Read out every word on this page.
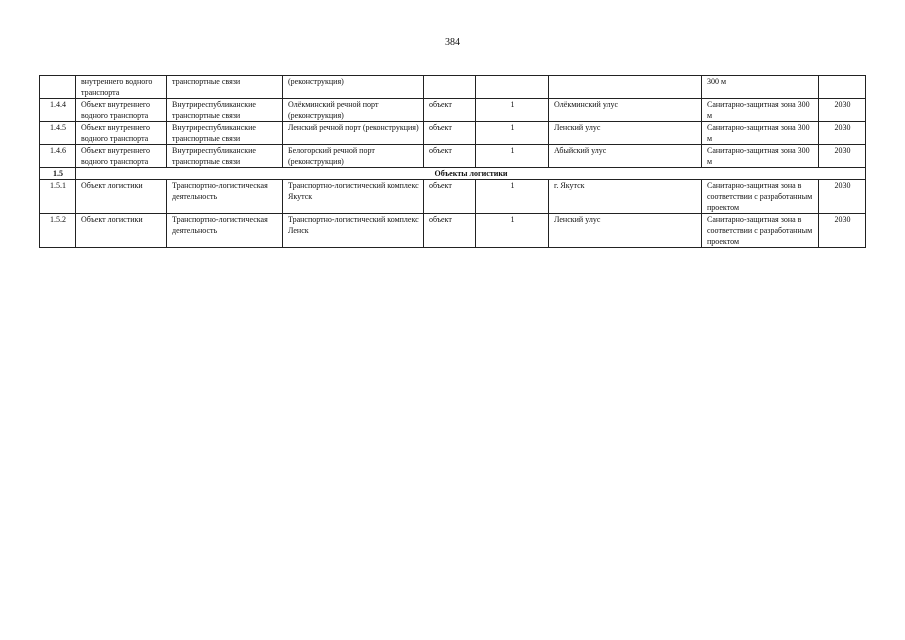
384
	внутреннего водного транспорта	транспортные связи	(реконструкция)				300 м	
1.4.4	Объект внутреннего водного транспорта	Внутриреспубликанские транспортные связи	Олёкминский речной порт (реконструкция)	объект	1	Олёкминский улус	Санитарно-защитная зона 300 м	2030
1.4.5	Объект внутреннего водного транспорта	Внутриреспубликанские транспортные связи	Ленский речной порт (реконструкция)	объект	1	Ленский улус	Санитарно-защитная зона 300 м	2030
1.4.6	Объект внутреннего водного транспорта	Внутриреспубликанские транспортные связи	Белогорский речной порт (реконструкция)	объект	1	Абыйский улус	Санитарно-защитная зона 300 м	2030
1.5	Объекты логистики							
1.5.1	Объект логистики	Транспортно-логистическая деятельность	Транспортно-логистический комплекс Якутск	объект	1	г. Якутск	Санитарно-защитная зона в соответствии с разработанным проектом	2030
1.5.2	Объект логистики	Транспортно-логистическая деятельность	Транспортно-логистический комплекс Ленск	объект	1	Ленский улус	Санитарно-защитная зона в соответствии с разработанным проектом	2030
